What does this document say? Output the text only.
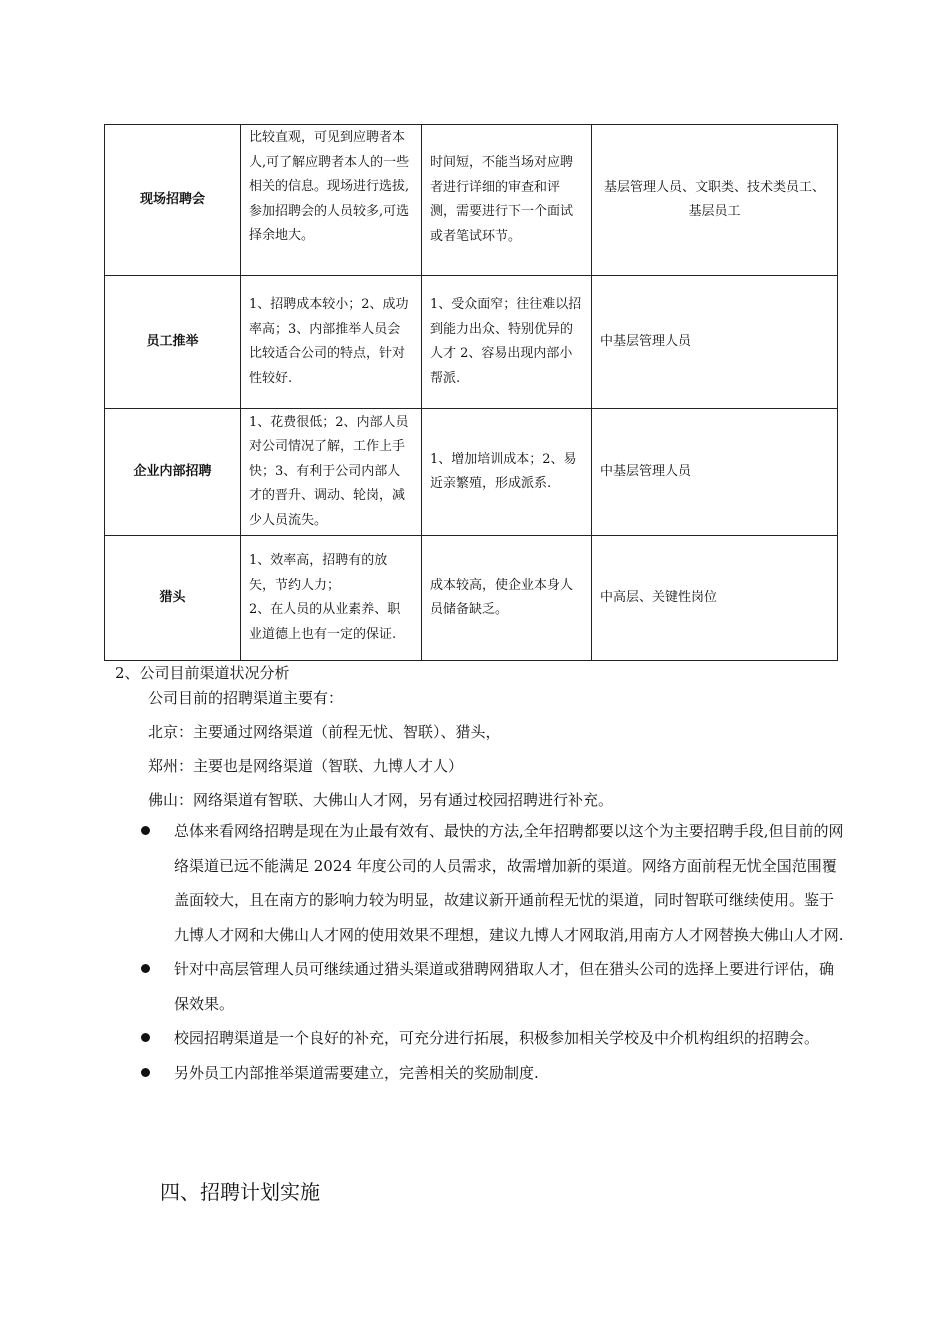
现场招聘会	比较直观，可见到应聘者本人,可了解应聘者本人的一些相关的信息。现场进行选拔,参加招聘会的人员较多,可选择余地大。	时间短，不能当场对应聘者进行详细的审查和评测，需要进行下一个面试或者笔试环节。	基层管理人员、文职类、技术类员工、基层员工

员工推举	1、招聘成本较小；2、成功率高；3、内部推举人员会比较适合公司的特点，针对性较好.	1、受众面窄；往往难以招到能力出众、特别优异的人才 2、容易出现内部小帮派.	中基层管理人员

企业内部招聘	1、花费很低；2、内部人员对公司情况了解，工作上手快；3、有利于公司内部人才的晋升、调动、轮岗，减少人员流失。	1、增加培训成本；2、易近亲繁殖，形成派系.	中基层管理人员

猎头	1、效率高，招聘有的放矢，节约人力；
2、在人员的从业素养、职业道德上也有一定的保证.	成本较高，使企业本身人员储备缺乏。	中高层、关键性岗位
2、公司目前渠道状况分析
公司目前的招聘渠道主要有：
北京：主要通过网络渠道（前程无忧、智联）、猎头，
郑州：主要也是网络渠道（智联、九博人才人）
佛山：网络渠道有智联、大佛山人才网，另有通过校园招聘进行补充。
总体来看网络招聘是现在为止最有效有、最快的方法,全年招聘都要以这个为主要招聘手段,但目前的网络渠道已远不能满足 2024 年度公司的人员需求，故需增加新的渠道。网络方面前程无忧全国范围覆盖面较大，且在南方的影响力较为明显，故建议新开通前程无忧的渠道，同时智联可继续使用。鉴于九博人才网和大佛山人才网的使用效果不理想，建议九博人才网取消,用南方人才网替换大佛山人才网.
针对中高层管理人员可继续通过猎头渠道或猎聘网猎取人才，但在猎头公司的选择上要进行评估，确保效果。
校园招聘渠道是一个良好的补充，可充分进行拓展，积极参加相关学校及中介机构组织的招聘会。
另外员工内部推举渠道需要建立，完善相关的奖励制度.
四、招聘计划实施
